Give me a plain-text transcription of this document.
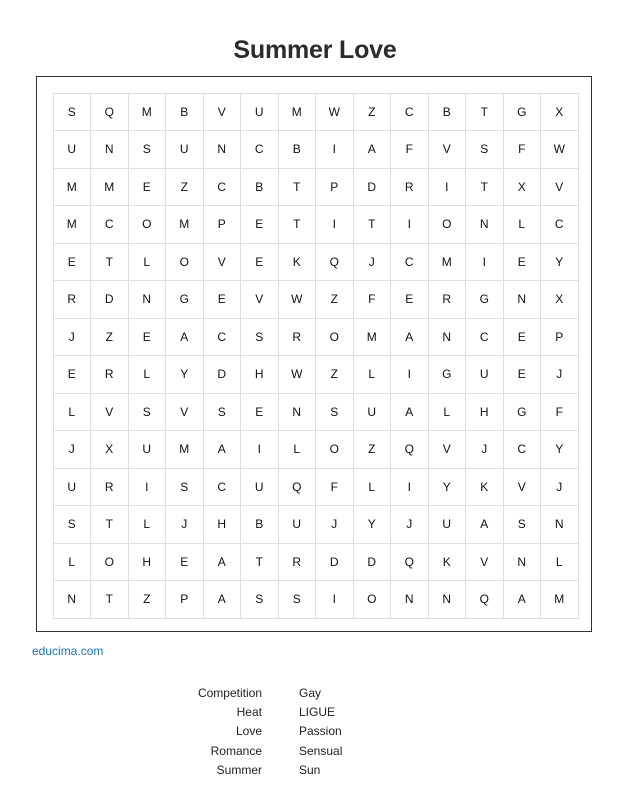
Summer Love
S	Q	M	B	V	U	M	W	Z	C	B	T	G	X
U	N	S	U	N	C	B	I	A	F	V	S	F	W
M	M	E	Z	C	B	T	P	D	R	I	T	X	V
M	C	O	M	P	E	T	I	T	I	O	N	L	C
E	T	L	O	V	E	K	Q	J	C	M	I	E	Y
R	D	N	G	E	V	W	Z	F	E	R	G	N	X
J	Z	E	A	C	S	R	O	M	A	N	C	E	P
E	R	L	Y	D	H	W	Z	L	I	G	U	E	J
L	V	S	V	S	E	N	S	U	A	L	H	G	F
J	X	U	M	A	I	L	O	Z	Q	V	J	C	Y
U	R	I	S	C	U	Q	F	L	I	Y	K	V	J
S	T	L	J	H	B	U	J	Y	J	U	A	S	N
L	O	H	E	A	T	R	D	D	Q	K	V	N	L
N	T	Z	P	A	S	S	I	O	N	N	Q	A	M
educima.com
Competition
Heat
Love
Romance
Summer
Gay
LIGUE
Passion
Sensual
Sun
